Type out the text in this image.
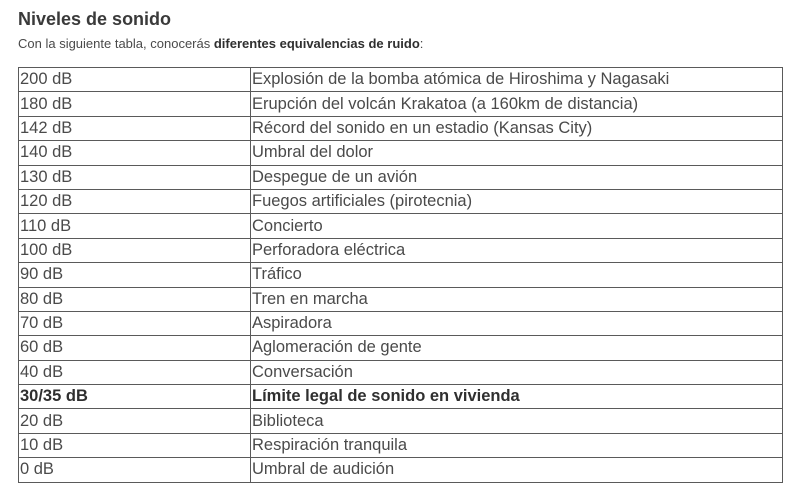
Niveles de sonido

Con la siguiente tabla, conocerás diferentes equivalencias de ruido:

200 dB	Explosión de la bomba atómica de Hiroshima y Nagasaki
180 dB	Erupción del volcán Krakatoa (a 160km de distancia)
142 dB	Récord del sonido en un estadio (Kansas City)
140 dB	Umbral del dolor
130 dB	Despegue de un avión
120 dB	Fuegos artificiales (pirotecnia)
110 dB	Concierto
100 dB	Perforadora eléctrica
90 dB	Tráfico
80 dB	Tren en marcha
70 dB	Aspiradora
60 dB	Aglomeración de gente
40 dB	Conversación
30/35 dB	Límite legal de sonido en vivienda
20 dB	Biblioteca
10 dB	Respiración tranquila
0 dB	Umbral de audición
